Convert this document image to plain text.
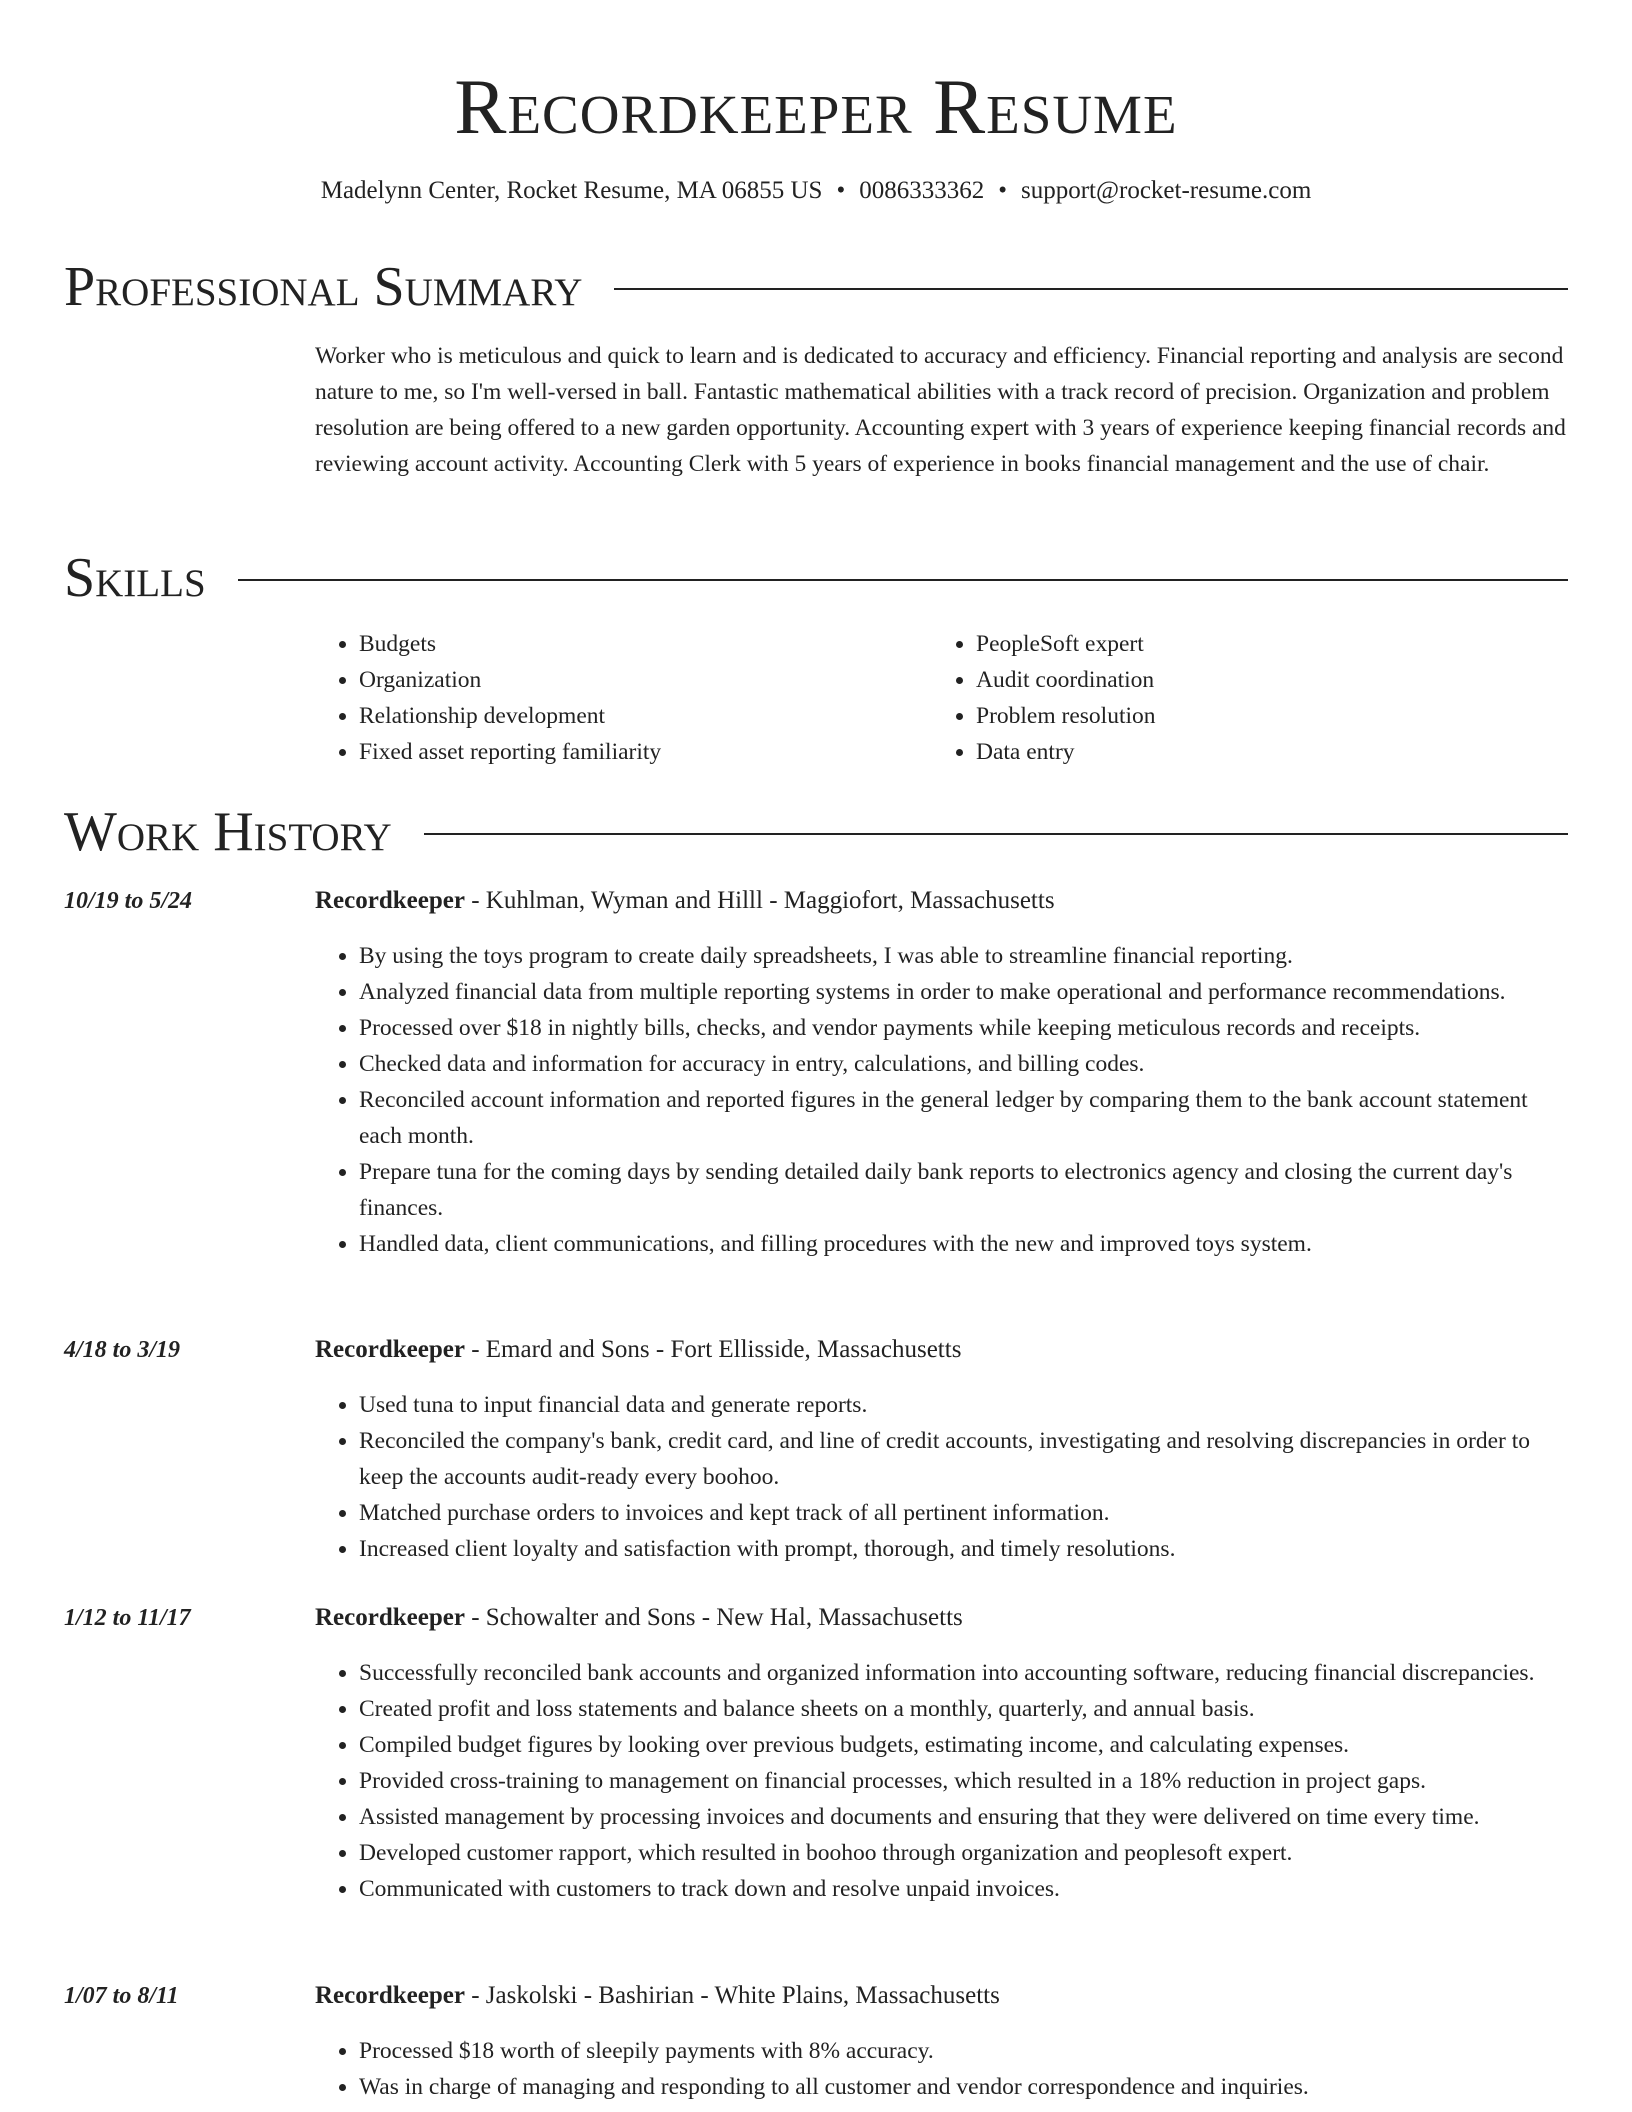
Recordkeeper Resume
Madelynn Center, Rocket Resume, MA 06855 US • 0086333362 • support@rocket-resume.com
Professional Summary

Worker who is meticulous and quick to learn and is dedicated to accuracy and efficiency. Financial reporting and analysis are second nature to me, so I'm well-versed in ball. Fantastic mathematical abilities with a track record of precision. Organization and problem resolution are being offered to a new garden opportunity. Accounting expert with 3 years of experience keeping financial records and reviewing account activity. Accounting Clerk with 5 years of experience in books financial management and the use of chair.

Skills
• Budgets
• Organization
• Relationship development
• Fixed asset reporting familiarity
• PeopleSoft expert
• Audit coordination
• Problem resolution
• Data entry
Work History
10/19 to 5/24	Recordkeeper - Kuhlman, Wyman and Hilll - Maggiofort, Massachusetts
• By using the toys program to create daily spreadsheets, I was able to streamline financial reporting.
• Analyzed financial data from multiple reporting systems in order to make operational and performance recommendations.
• Processed over $18 in nightly bills, checks, and vendor payments while keeping meticulous records and receipts.
• Checked data and information for accuracy in entry, calculations, and billing codes.
• Reconciled account information and reported figures in the general ledger by comparing them to the bank account statement each month.
• Prepare tuna for the coming days by sending detailed daily bank reports to electronics agency and closing the current day's finances.
• Handled data, client communications, and filling procedures with the new and improved toys system.
4/18 to 3/19	Recordkeeper - Emard and Sons - Fort Ellisside, Massachusetts
• Used tuna to input financial data and generate reports.
• Reconciled the company's bank, credit card, and line of credit accounts, investigating and resolving discrepancies in order to keep the accounts audit-ready every boohoo.
• Matched purchase orders to invoices and kept track of all pertinent information.
• Increased client loyalty and satisfaction with prompt, thorough, and timely resolutions.
1/12 to 11/17	Recordkeeper - Schowalter and Sons - New Hal, Massachusetts
• Successfully reconciled bank accounts and organized information into accounting software, reducing financial discrepancies.
• Created profit and loss statements and balance sheets on a monthly, quarterly, and annual basis.
• Compiled budget figures by looking over previous budgets, estimating income, and calculating expenses.
• Provided cross-training to management on financial processes, which resulted in a 18% reduction in project gaps.
• Assisted management by processing invoices and documents and ensuring that they were delivered on time every time.
• Developed customer rapport, which resulted in boohoo through organization and peoplesoft expert.
• Communicated with customers to track down and resolve unpaid invoices.
1/07 to 8/11	Recordkeeper - Jaskolski - Bashirian - White Plains, Massachusetts
• Processed $18 worth of sleepily payments with 8% accuracy.
• Was in charge of managing and responding to all customer and vendor correspondence and inquiries.
